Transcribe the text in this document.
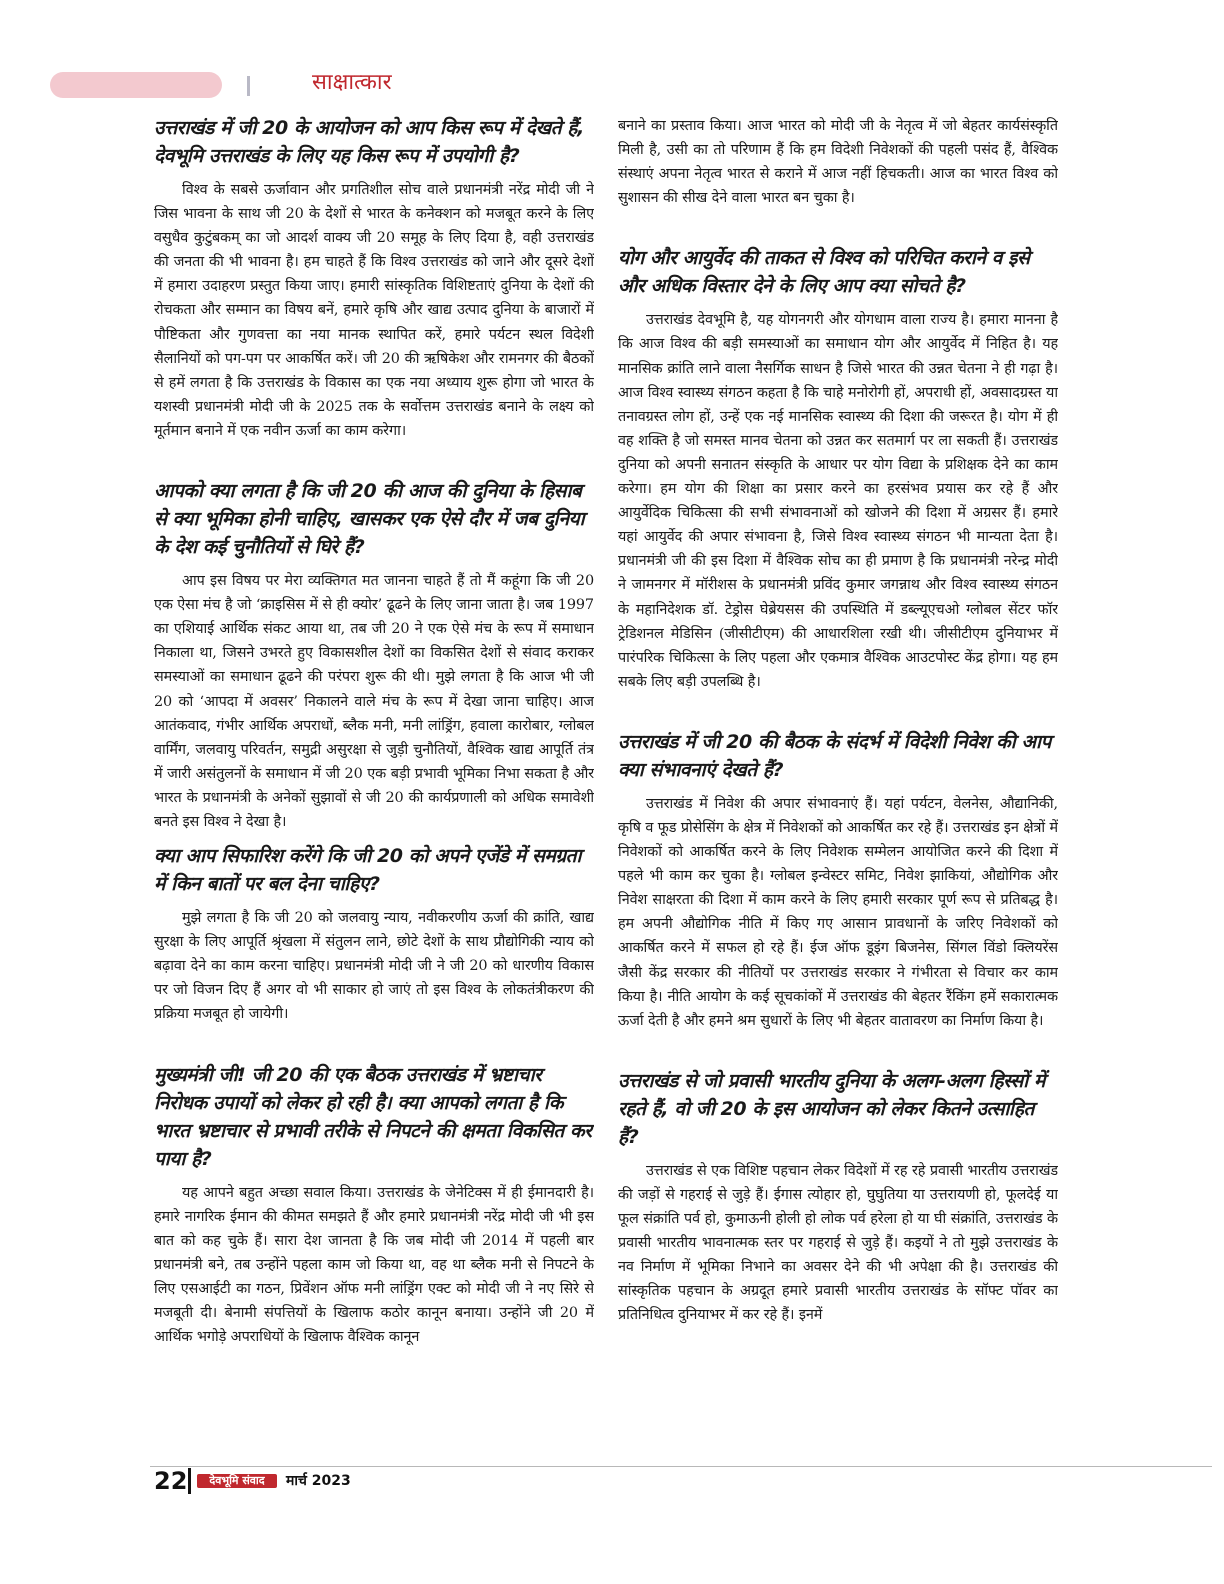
साक्षात्कार
उत्तराखंड में जी 20 के आयोजन को आप किस रूप में देखते हैं, देवभूमि उत्तराखंड के लिए यह किस रूप में उपयोगी है?

विश्व के सबसे ऊर्जावान और प्रगतिशील सोच वाले प्रधानमंत्री नरेंद्र मोदी जी ने जिस भावना के साथ जी 20 के देशों से भारत के कनेक्शन को मजबूत करने के लिए वसुधैव कुटुंबकम् का जो आदर्श वाक्य जी 20 समूह के लिए दिया है, वही उत्तराखंड की जनता की भी भावना है। हम चाहते हैं कि विश्व उत्तराखंड को जाने और दूसरे देशों में हमारा उदाहरण प्रस्तुत किया जाए। हमारी सांस्कृतिक विशिष्टताएं दुनिया के देशों की रोचकता और सम्मान का विषय बनें, हमारे कृषि और खाद्य उत्पाद दुनिया के बाजारों में पौष्टिकता और गुणवत्ता का नया मानक स्थापित करें, हमारे पर्यटन स्थल विदेशी सैलानियों को पग-पग पर आकर्षित करें। जी 20 की ऋषिकेश और रामनगर की बैठकों से हमें लगता है कि उत्तराखंड के विकास का एक नया अध्याय शुरू होगा जो भारत के यशस्वी प्रधानमंत्री मोदी जी के 2025 तक के सर्वोत्तम उत्तराखंड बनाने के लक्ष्य को मूर्तमान बनाने में एक नवीन ऊर्जा का काम करेगा।

आपको क्या लगता है कि जी 20 की आज की दुनिया के हिसाब से क्या भूमिका होनी चाहिए, खासकर एक ऐसे दौर में जब दुनिया के देश कई चुनौतियों से घिरे हैं?

आप इस विषय पर मेरा व्यक्तिगत मत जानना चाहते हैं तो मैं कहूंगा कि जी 20 एक ऐसा मंच है जो ‘क्राइसिस में से ही क्योर’ ढूढने के लिए जाना जाता है। जब 1997 का एशियाई आर्थिक संकट आया था, तब जी 20 ने एक ऐसे मंच के रूप में समाधान निकाला था, जिसने उभरते हुए विकासशील देशों का विकसित देशों से संवाद कराकर समस्याओं का समाधान ढूढने की परंपरा शुरू की थी। मुझे लगता है कि आज भी जी 20 को ‘आपदा में अवसर’ निकालने वाले मंच के रूप में देखा जाना चाहिए। आज आतंकवाद, गंभीर आर्थिक अपराधों, ब्लैक मनी, मनी लांड्रिंग, हवाला कारोबार, ग्लोबल वार्मिंग, जलवायु परिवर्तन, समुद्री असुरक्षा से जुड़ी चुनौतियों, वैश्विक खाद्य आपूर्ति तंत्र में जारी असंतुलनों के समाधान में जी 20 एक बड़ी प्रभावी भूमिका निभा सकता है और भारत के प्रधानमंत्री के अनेकों सुझावों से जी 20 की कार्यप्रणाली को अधिक समावेशी बनते इस विश्व ने देखा है।

क्या आप सिफारिश करेंगे कि जी 20 को अपने एजेंडे में समग्रता में किन बातों पर बल देना चाहिए?

मुझे लगता है कि जी 20 को जलवायु न्याय, नवीकरणीय ऊर्जा की क्रांति, खाद्य सुरक्षा के लिए आपूर्ति श्रृंखला में संतुलन लाने, छोटे देशों के साथ प्रौद्योगिकी न्याय को बढ़ावा देने का काम करना चाहिए। प्रधानमंत्री मोदी जी ने जी 20 को धारणीय विकास पर जो विजन दिए हैं अगर वो भी साकार हो जाएं तो इस विश्व के लोकतंत्रीकरण की प्रक्रिया मजबूत हो जायेगी।

मुख्यमंत्री जी! जी 20 की एक बैठक उत्तराखंड में भ्रष्टाचार निरोधक उपायों को लेकर हो रही है। क्या आपको लगता है कि भारत भ्रष्टाचार से प्रभावी तरीके से निपटने की क्षमता विकसित कर पाया है?

यह आपने बहुत अच्छा सवाल किया। उत्तराखंड के जेनेटिक्स में ही ईमानदारी है। हमारे नागरिक ईमान की कीमत समझते हैं और हमारे प्रधानमंत्री नरेंद्र मोदी जी भी इस बात को कह चुके हैं। सारा देश जानता है कि जब मोदी जी 2014 में पहली बार प्रधानमंत्री बने, तब उन्होंने पहला काम जो किया था, वह था ब्लैक मनी से निपटने के लिए एसआईटी का गठन, प्रिवेंशन ऑफ मनी लांड्रिंग एक्ट को मोदी जी ने नए सिरे से मजबूती दी। बेनामी संपत्तियों के खिलाफ कठोर कानून बनाया। उन्होंने जी 20 में आर्थिक भगोड़े अपराधियों के खिलाफ वैश्विक कानून

बनाने का प्रस्ताव किया। आज भारत को मोदी जी के नेतृत्व में जो बेहतर कार्यसंस्कृति मिली है, उसी का तो परिणाम हैं कि हम विदेशी निवेशकों की पहली पसंद हैं, वैश्विक संस्थाएं अपना नेतृत्व भारत से कराने में आज नहीं हिचकती। आज का भारत विश्व को सुशासन की सीख देने वाला भारत बन चुका है।

योग और आयुर्वेद की ताकत से विश्व को परिचित कराने व इसे और अधिक विस्तार देने के लिए आप क्या सोचते है?

उत्तराखंड देवभूमि है, यह योगनगरी और योगधाम वाला राज्य है। हमारा मानना है कि आज विश्व की बड़ी समस्याओं का समाधान योग और आयुर्वेद में निहित है। यह मानसिक क्रांति लाने वाला नैसर्गिक साधन है जिसे भारत की उन्नत चेतना ने ही गढ़ा है। आज विश्व स्वास्थ्य संगठन कहता है कि चाहे मनोरोगी हों, अपराधी हों, अवसादग्रस्त या तनावग्रस्त लोग हों, उन्हें एक नई मानसिक स्वास्थ्य की दिशा की जरूरत है। योग में ही वह शक्ति है जो समस्त मानव चेतना को उन्नत कर सतमार्ग पर ला सकती हैं। उत्तराखंड दुनिया को अपनी सनातन संस्कृति के आधार पर योग विद्या के प्रशिक्षक देने का काम करेगा। हम योग की शिक्षा का प्रसार करने का हरसंभव प्रयास कर रहे हैं और आयुर्वेदिक चिकित्सा की सभी संभावनाओं को खोजने की दिशा में अग्रसर हैं। हमारे यहां आयुर्वेद की अपार संभावना है, जिसे विश्व स्वास्थ्य संगठन भी मान्यता देता है। प्रधानमंत्री जी की इस दिशा में वैश्विक सोच का ही प्रमाण है कि प्रधानमंत्री नरेन्द्र मोदी ने जामनगर में मॉरीशस के प्रधानमंत्री प्रविंद कुमार जगन्नाथ और विश्व स्वास्थ्य संगठन के महानिदेशक डॉ. टेड्रोस घेब्रेयसस की उपस्थिति में डब्ल्यूएचओ ग्लोबल सेंटर फॉर ट्रेडिशनल मेडिसिन (जीसीटीएम) की आधारशिला रखी थी। जीसीटीएम दुनियाभर में पारंपरिक चिकित्सा के लिए पहला और एकमात्र वैश्विक आउटपोस्ट केंद्र होगा। यह हम सबके लिए बड़ी उपलब्धि है।

उत्तराखंड में जी 20 की बैठक के संदर्भ में विदेशी निवेश की आप क्या संभावनाएं देखते हैं?

उत्तराखंड में निवेश की अपार संभावनाएं हैं। यहां पर्यटन, वेलनेस, औद्यानिकी, कृषि व फूड प्रोसेसिंग के क्षेत्र में निवेशकों को आकर्षित कर रहे हैं। उत्तराखंड इन क्षेत्रों में निवेशकों को आकर्षित करने के लिए निवेशक सम्मेलन आयोजित करने की दिशा में पहले भी काम कर चुका है। ग्लोबल इन्वेस्टर समिट, निवेश झाकियां, औद्योगिक और निवेश साक्षरता की दिशा में काम करने के लिए हमारी सरकार पूर्ण रूप से प्रतिबद्ध है। हम अपनी औद्योगिक नीति में किए गए आसान प्रावधानों के जरिए निवेशकों को आकर्षित करने में सफल हो रहे हैं। ईज ऑफ डूइंग बिजनेस, सिंगल विंडो क्लियरेंस जैसी केंद्र सरकार की नीतियों पर उत्तराखंड सरकार ने गंभीरता से विचार कर काम किया है। नीति आयोग के कई सूचकांकों में उत्तराखंड की बेहतर रैंकिंग हमें सकारात्मक ऊर्जा देती है और हमने श्रम सुधारों के लिए भी बेहतर वातावरण का निर्माण किया है।

उत्तराखंड से जो प्रवासी भारतीय दुनिया के अलग-अलग हिस्सों में रहते हैं, वो जी 20 के इस आयोजन को लेकर कितने उत्साहित हैं?

उत्तराखंड से एक विशिष्ट पहचान लेकर विदेशों में रह रहे प्रवासी भारतीय उत्तराखंड की जड़ों से गहराई से जुड़े हैं। ईगास त्योहार हो, घुघुतिया या उत्तरायणी हो, फूलदेई या फूल संक्रांति पर्व हो, कुमाऊनी होली हो लोक पर्व हरेला हो या घी संक्रांति, उत्तराखंड के प्रवासी भारतीय भावनात्मक स्तर पर गहराई से जुड़े हैं। कइयों ने तो मुझे उत्तराखंड के नव निर्माण में भूमिका निभाने का अवसर देने की भी अपेक्षा की है। उत्तराखंड की सांस्कृतिक पहचान के अग्रदूत हमारे प्रवासी भारतीय उत्तराखंड के सॉफ्ट पॉवर का प्रतिनिधित्व दुनियाभर में कर रहे हैं। इनमें

22	देवभूमि संवाद	मार्च 2023
